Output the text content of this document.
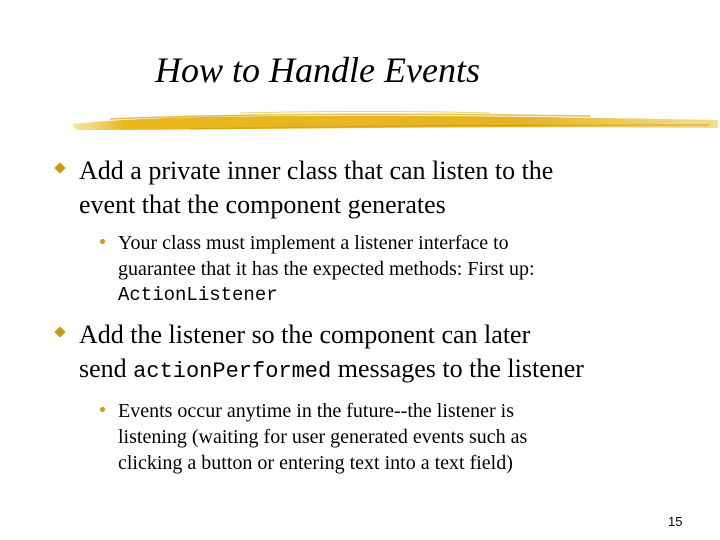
How to Handle Events
Add a private inner class that can listen to the
event that the component generates
Your class must implement a listener interface to
guarantee that it has the expected methods: First up:
ActionListener
Add the listener so the component can later
send actionPerformed messages to the listener
Events occur anytime in the future--the listener is
listening (waiting for user generated events such as
clicking a button or entering text into a text field)
15
